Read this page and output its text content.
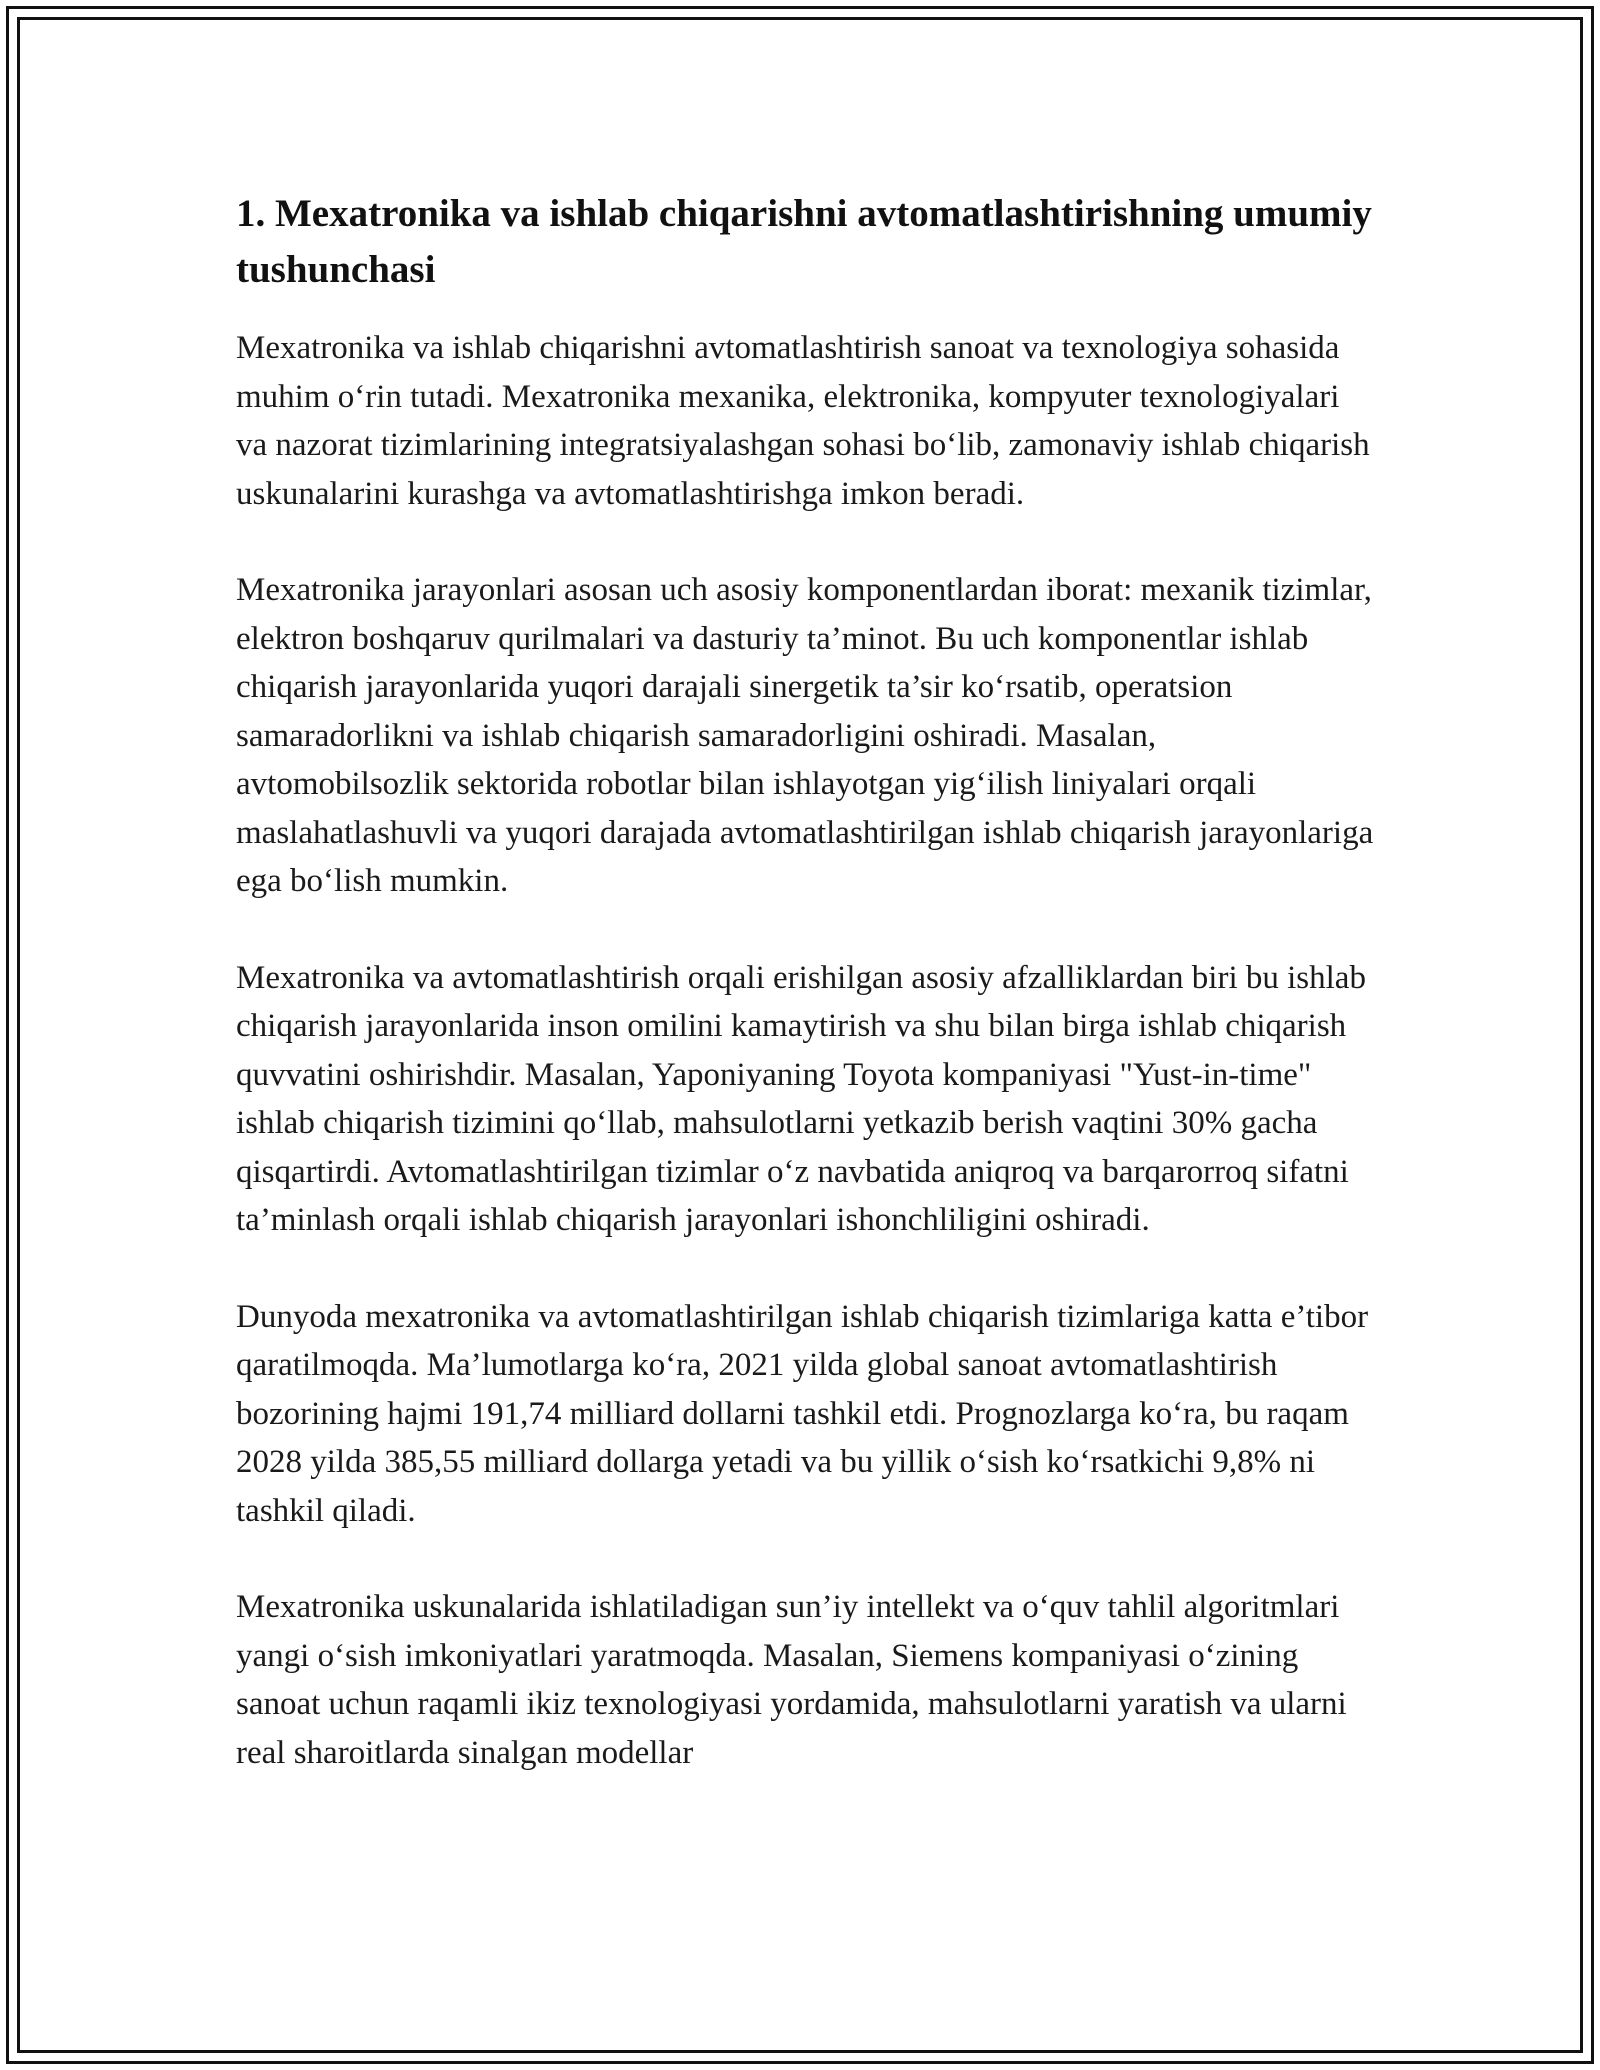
1. Mexatronika va ishlab chiqarishni avtomatlashtirishning umumiy tushunchasi

Mexatronika va ishlab chiqarishni avtomatlashtirish sanoat va texnologiya sohasida muhim o‘rin tutadi. Mexatronika mexanika, elektronika, kompyuter texnologiyalari va nazorat tizimlarining integratsiyalashgan sohasi bo‘lib, zamonaviy ishlab chiqarish uskunalarini kurashga va avtomatlashtirishga imkon beradi.

Mexatronika jarayonlari asosan uch asosiy komponentlardan iborat: mexanik tizimlar, elektron boshqaruv qurilmalari va dasturiy ta’minot. Bu uch komponentlar ishlab chiqarish jarayonlarida yuqori darajali sinergetik ta’sir ko‘rsatib, operatsion samaradorlikni va ishlab chiqarish samaradorligini oshiradi. Masalan, avtomobilsozlik sektorida robotlar bilan ishlayotgan yig‘ilish liniyalari orqali maslahatlashuvli va yuqori darajada avtomatlashtirilgan ishlab chiqarish jarayonlariga ega bo‘lish mumkin.

Mexatronika va avtomatlashtirish orqali erishilgan asosiy afzalliklardan biri bu ishlab chiqarish jarayonlarida inson omilini kamaytirish va shu bilan birga ishlab chiqarish quvvatini oshirishdir. Masalan, Yaponiyaning Toyota kompaniyasi "Yust-in-time" ishlab chiqarish tizimini qo‘llab, mahsulotlarni yetkazib berish vaqtini 30% gacha qisqartirdi. Avtomatlashtirilgan tizimlar o‘z navbatida aniqroq va barqarorroq sifatni ta’minlash orqali ishlab chiqarish jarayonlari ishonchliligini oshiradi.

Dunyoda mexatronika va avtomatlashtirilgan ishlab chiqarish tizimlariga katta e’tibor qaratilmoqda. Ma’lumotlarga ko‘ra, 2021 yilda global sanoat avtomatlashtirish bozorining hajmi 191,74 milliard dollarni tashkil etdi. Prognozlarga ko‘ra, bu raqam 2028 yilda 385,55 milliard dollarga yetadi va bu yillik o‘sish ko‘rsatkichi 9,8% ni tashkil qiladi.

Mexatronika uskunalarida ishlatiladigan sun’iy intellekt va o‘quv tahlil algoritmlari yangi o‘sish imkoniyatlari yaratmoqda. Masalan, Siemens kompaniyasi o‘zining sanoat uchun raqamli ikiz texnologiyasi yordamida, mahsulotlarni yaratish va ularni real sharoitlarda sinalgan modellar
